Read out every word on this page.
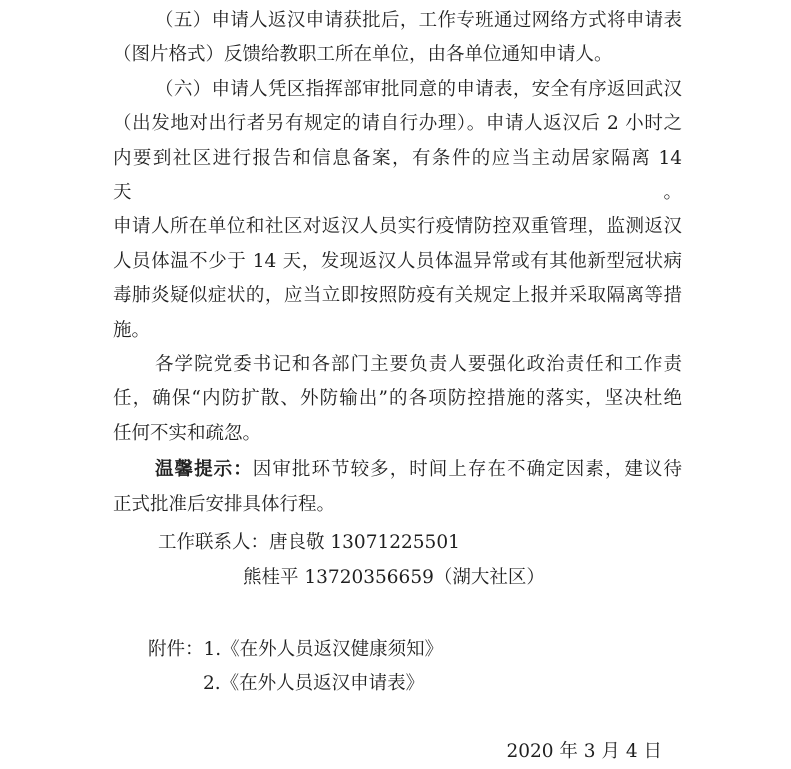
（五）申请人返汉申请获批后，工作专班通过网络方式将申请表
（图片格式）反馈给教职工所在单位，由各单位通知申请人。
（六）申请人凭区指挥部审批同意的申请表，安全有序返回武汉
（出发地对出行者另有规定的请自行办理）。申请人返汉后 2 小时之
内要到社区进行报告和信息备案，有条件的应当主动居家隔离 14 天。
申请人所在单位和社区对返汉人员实行疫情防控双重管理，监测返汉
人员体温不少于 14 天，发现返汉人员体温异常或有其他新型冠状病
毒肺炎疑似症状的，应当立即按照防疫有关规定上报并采取隔离等措
施。
各学院党委书记和各部门主要负责人要强化政治责任和工作责
任，确保“内防扩散、外防输出”的各项防控措施的落实，坚决杜绝
任何不实和疏忽。
温馨提示：因审批环节较多，时间上存在不确定因素，建议待
正式批准后安排具体行程。
工作联系人：唐良敬 13071225501
熊桂平 13720356659（湖大社区）
附件：1.《在外人员返汉健康须知》
2.《在外人员返汉申请表》
2020 年 3 月 4 日
